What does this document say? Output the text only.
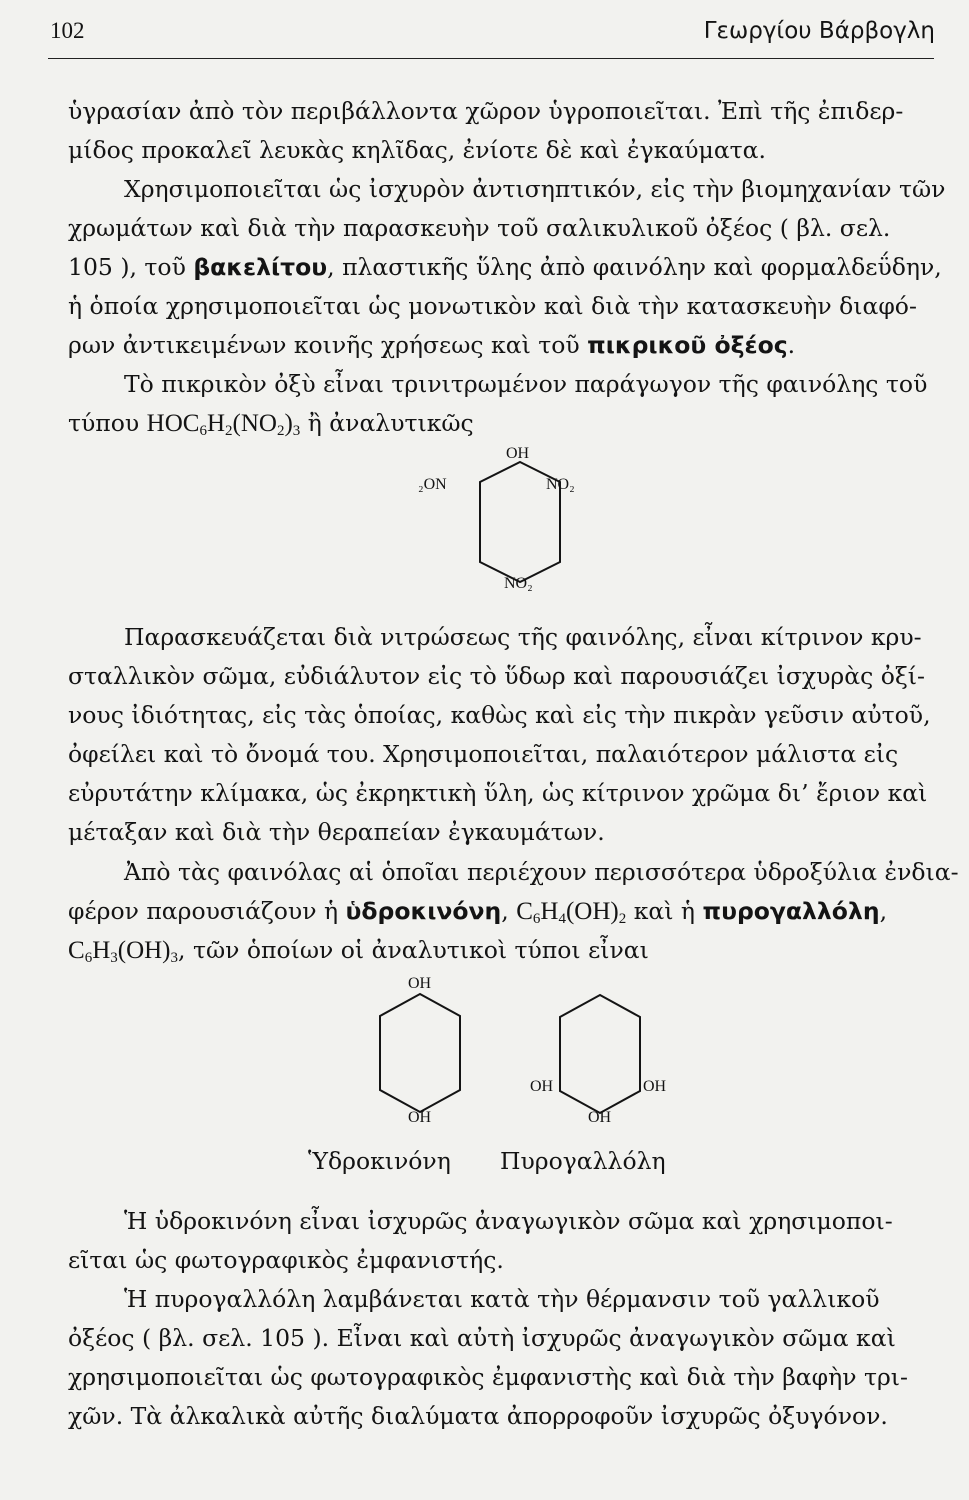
102	Γεωργίου Βάρβογλη
ὑγρασίαν ἀπὸ τὸν περιβάλλοντα χῶρον ὑγροποιεῖται. Ἐπὶ τῆς ἐπιδερ-
μίδος προκαλεῖ λευκὰς κηλῖδας, ἐνίοτε δὲ καὶ ἐγκαύματα.
Χρησιμοποιεῖται ὡς ἰσχυρὸν ἀντισηπτικόν, εἰς τὴν βιομηχανίαν τῶν
χρωμάτων καὶ διὰ τὴν παρασκευὴν τοῦ σαλικυλικοῦ ὀξέος ( βλ. σελ.
105 ), τοῦ βακελίτου, πλαστικῆς ὕλης ἀπὸ φαινόλην καὶ φορμαλδεΰδην,
ἡ ὁποία χρησιμοποιεῖται ὡς μονωτικὸν καὶ διὰ τὴν κατασκευὴν διαφό-
ρων ἀντικειμένων κοινῆς χρήσεως καὶ τοῦ πικρικοῦ ὀξέος.
Τὸ πικρικὸν ὀξὺ εἶναι τρινιτρωμένον παράγωγον τῆς φαινόλης τοῦ
τύπου $HOC_6H_2(NO_2)_3$ ἢ ἀναλυτικῶς
OH
₂ON	NO₂
NO₂
Παρασκευάζεται διὰ νιτρώσεως τῆς φαινόλης, εἶναι κίτρινον κρυ-
σταλλικὸν σῶμα, εὐδιάλυτον εἰς τὸ ὕδωρ καὶ παρουσιάζει ἰσχυρὰς ὀξί-
νους ἰδιότητας, εἰς τὰς ὁποίας, καθὼς καὶ εἰς τὴν πικρὰν γεῦσιν αὐτοῦ,
ὀφείλει καὶ τὸ ὄνομά του. Χρησιμοποιεῖται, παλαιότερον μάλιστα εἰς
εὐρυτάτην κλίμακα, ὡς ἐκρηκτικὴ ὕλη, ὡς κίτρινον χρῶμα δι’ ἔριον καὶ
μέταξαν καὶ διὰ τὴν θεραπείαν ἐγκαυμάτων.
Ἀπὸ τὰς φαινόλας αἱ ὁποῖαι περιέχουν περισσότερα ὑδροξύλια ἐνδια-
φέρον παρουσιάζουν ἡ ὑδροκινόνη, $C_6H_4(OH)_2$ καὶ ἡ πυρογαλλόλη,
$C_6H_3(OH)_3$, τῶν ὁποίων οἱ ἀναλυτικοὶ τύποι εἶναι
OH
OH
Ὑδροκινόνη
OH	OH
OH
Πυρογαλλόλη
Ἡ ὑδροκινόνη εἶναι ἰσχυρῶς ἀναγωγικὸν σῶμα καὶ χρησιμοποι-
εῖται ὡς φωτογραφικὸς ἐμφανιστής.
Ἡ πυρογαλλόλη λαμβάνεται κατὰ τὴν θέρμανσιν τοῦ γαλλικοῦ
ὀξέος ( βλ. σελ. 105 ). Εἶναι καὶ αὐτὴ ἰσχυρῶς ἀναγωγικὸν σῶμα καὶ
χρησιμοποιεῖται ὡς φωτογραφικὸς ἐμφανιστὴς καὶ διὰ τὴν βαφὴν τρι-
χῶν. Τὰ ἀλκαλικὰ αὐτῆς διαλύματα ἀπορροφοῦν ἰσχυρῶς ὀξυγόνον.
